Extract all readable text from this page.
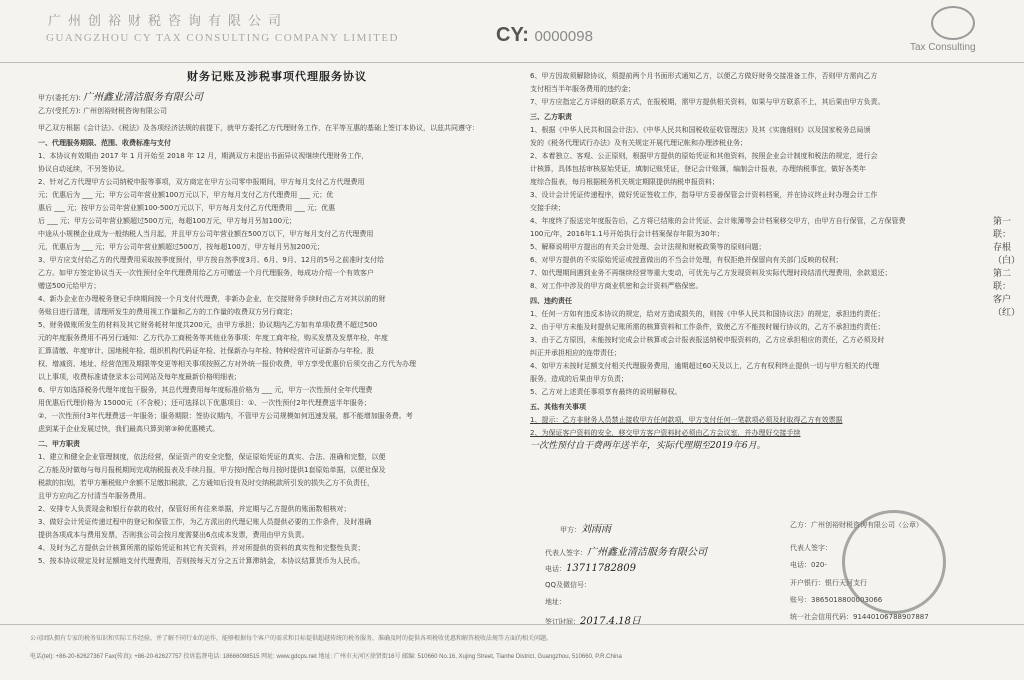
广州创裕财税咨询有限公司
GUANGZHOU CY TAX CONSULTING COMPANY LIMITED	CY: 0000098
Tax Consulting
财务记账及涉税事项代理服务协议
甲方(委托方): 广州鑫业清洁服务有限公司
乙方(受托方): 广州创裕财税咨询有限公司
甲乙双方根据《会计法》、《税法》及各项经济法规的前提下，就甲方委托乙方代理财务工作，在平等互惠的基础上签订本协议，以兹共同遵守：
一、代理服务期限、范围、收费标准与支付
1、本协议有效期由 2017 年 1 月开始至 2018 年 12 月，期满双方未提出书面异议视继续代理财务工作，
协议自动延续，不另签协议。
2、针对乙方代理甲方公司纳税申报等事项，双方商定在甲方公司零申报期间，甲方每月支付乙方代理费用
元；优惠后为 ___ 元；甲方公司年营业额100万元以下，甲方每月支付乙方代理费用 ___ 元；优
惠后 ___ 元；按甲方公司年营业额100-500万元以下，甲方每月支付乙方代理费用 ___ 元；优惠
后 ___ 元；甲方公司年营业额超过500万元，每超100万元，甲方每月另加100元；
中途从小规模企业成为一般纳税人当月起，并且甲方公司年营业额在500万以下，甲方每月支付乙方代理费用
元，优惠后为 ___ 元；甲方公司年营业额超过500万，按每超100万，甲方每月另加200元；
3、甲方应支付给乙方的代理费用采取按季度预付，甲方按自然季度3月、6月、9月、12月的5号之前准时支付给
乙方。如甲方签定协议当天一次性预付全年代理费用给乙方可赠送一个月代理服务，每成功介绍一个有效客户
赠送500元给甲方；
4、新办企业在办理税务登记手续期间按一个月支付代理费，非新办企业，在交接财务手续时由乙方对其以前的财
务账目进行清理，清理所发生的费用视工作量和乙方的工作量的收费双方另行商定；
5、财务做账所发生的材料及其它财务耗材年度共200元，由甲方承担；协议期内乙方如有单项收费不超过500
元的年度服务费用不再另行通知：乙方代办工商税务等其他业务事项：年度工商年检，购买发票及发票年检，年度
汇算清缴、年度审计、国地税年检、组织机构代码证年检、社保新办与年检、特种经营许可证新办与年检、股
权、增减资、地址、经营范围及期限等变更等相关事项按照乙方对外统一报价收费，甲方享受优惠价后须交由乙方代为办理
以上事项，收费标准请登录本公司网站及每年度最新价格明细表；
6、甲方如选择税务代理年度包干服务，其总代理费用每年度标准价格为 ___ 元，甲方一次性预付全年代理费
用优惠后代理价格为 15000元（不含税）；还可选择以下优惠项目：①、一次性预付2年代理费送半年服务；
②、一次性预付3年代理费送一年服务；服务期限：签协议期内，不管甲方公司规模如何迅速发展，都不能增加服务费。考
虑到某于企业发展过快，我们最高只算到第③种优惠模式。
二、甲方职责
1、建立和健全企业管理制度，依法经营，保证资产的安全完整，保证原始凭证的真实、合法、准确和完整，以便
乙方能及时做每与每月报税期间完成纳税报表及手续月报，甲方按时配合每月按时提供1套原始单据，以便社保及
税款的扣划，若甲方雁税账户余额不足缴扣税款，乙方通知后没有及时交纳税款所引发的损失乙方不负责任，
且甲方应向乙方付清当年服务费用。
2、安排专人负责现金和银行存款的收付，保管好所有往来单据，并定期与乙方提供的账面数相核对；
3、做好会计凭证传递过程中的登记和保管工作，为乙方派出的代理记账人员提供必要的工作条件，及时准确
提供各项成本与费用发票，否则我公司会按月度需要出6点成本发票，费用由甲方负责。
4、及时为乙方提供会计核算所需的原始凭证和其它有关资料，并对所提供的资料的真实性和完整性负责；
5、按本协议规定及时足额地支付代理费用，否则按每天万分之五计算滞纳金，本协议结算货币为人民币。
6、甲方因故须解除协议，须提前两个月书面形式通知乙方，以便乙方做好财务交接准备工作，否则甲方需向乙方
支付相当半年服务费用的违约金；
7、甲方应指定乙方详细的联系方式，在报税期，需甲方提供相关资料，如果与甲方联系不上，其后果由甲方负责。
三、乙方职责
1、根据《中华人民共和国会计法》、《中华人民共和国税收征收管理法》及其《实施细则》以及国家税务总局颁
发的《税务代理试行办法》及有关规定开展代理记帐和办理涉税业务；
2、本着独立、客观、公正原则，根据甲方提供的原始凭证和其他资料，按照企业会计制度和税法的规定，进行会
计核算，具体包括审核原始凭证，填制记账凭证，登记会计账簿，编制会计报表，办理纳税事宜，做好各类年
度综合报表，每月根据税务机关规定期限提供纳税申报资料；
3、设计会计凭证传递程序，做好凭证签收工作，指导甲方妥善保管会计资料档案，并在协议终止时办理会计工作
交接手续；
4、年度终了报送完年度报告后，乙方将已结账的会计凭证、会计账簿等会计档案移交甲方，由甲方自行保管，乙方保管费
100元/年，2016年1.1号开始执行会计档案保存年限为30年；
5、解释说明甲方提出的有关会计处理、会计法规和财税政策等的原则问题；
6、对甲方提供的不实原始凭证或授意做出的不当会计处理，有权拒绝并保留向有关部门反映的权利；
7、如代理期间遇到业务不再继续经营等重大变动，可优先与乙方发现资料及实际代理时段结清代理费用，余款退还；
8、对工作中涉及的甲方商业机密和会计资料严格保密。
四、违约责任
1、任何一方如有违反本协议的规定，给对方造成损失的，则按《中华人民共和国协议法》的规定，承担违约责任；
2、由于甲方未能及时提供记账所需的核算资料和工作条件，致使乙方不能按时履行协议的，乙方不承担违约责任；
3、由于乙方原因，未能按时完成会计核算或会计报表报送纳税申报资料的，乙方应承担相应的责任，乙方必须及时
纠正并承担相应的连带责任；
4、如甲方未按时足额支付相关代理服务费用，逾期超过60天及以上，乙方有权利终止提供一切与甲方相关的代理
服务，造成的后果由甲方负责；
5、乙方对上述责任事项享有最终的说明解释权。
五、其他有关事项
1、提示：乙方非财务人员禁止接收甲方任何款项，甲方支付任何一笔款项必须及时取得乙方有效票据
2、为保证客户资料的安全，移交甲方客户资料时必须由乙方会议室，并办理好交接手续
一次性预付自干费两年送半年，实际代理期至2019年6月。
第一联：存根（白） 第二联：客户（红）
甲方：刘雨雨
代表人签字：广州鑫业清洁服务有限公司
电话：13711782809
QQ及微信号：
地址：
签订时间：2017.4.18日
乙方：广州创裕财税咨询有限公司（公章）
代表人签字：
电话：020-
开户银行：银行天河支行
账号：3865018800003066
统一社会信用代码：91440106788907887
公司团队拥有专家的税务知识和实际工作经验，并了解不同行业的运作，能够根据每个客户的需求和目标提供超越传统的税务服务，准确及时的提供各项税收优惠和解答税收法规等方面的相关问题。
电话(tel): +86-20-62627367 Fax(传真): +86-20-62627757 投诉监督电话: 18666098515 网址: www.gdcps.net 地址: 广州市天河区徐贤街16号 邮编: 510660 No.16, Xujing Street, Tianhe District, Guangzhou, 510660, P.R.China
